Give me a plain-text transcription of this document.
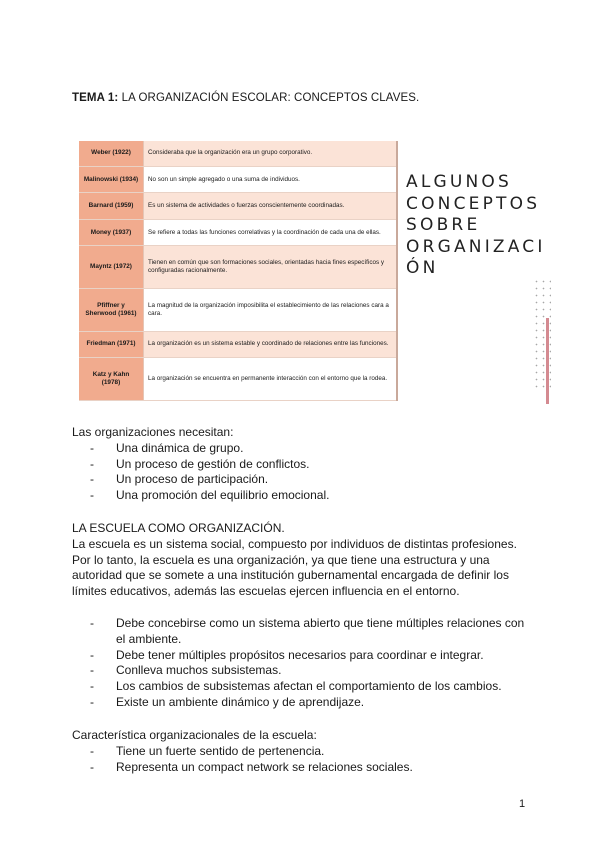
TEMA 1: LA ORGANIZACIÓN ESCOLAR: CONCEPTOS CLAVES.
Weber (1922)	Consideraba que la organización era un grupo corporativo.
Malinowski (1934)	No son un simple agregado o una suma de individuos.
Barnard (1959)	Es un sistema de actividades o fuerzas conscientemente coordinadas.
Money (1937)	Se refiere a todas las funciones correlativas y la coordinación de cada una de ellas.
Mayntz (1972)	Tienen en común que son formaciones sociales, orientadas hacia fines específicos y configuradas racionalmente.
Pfiffner y Sherwood (1961)	La magnitud de la organización imposibilita el establecimiento de las relaciones cara a cara.
Friedman (1971)	La organización es un sistema estable y coordinado de relaciones entre las funciones.
Katz y Kahn (1978)	La organización se encuentra en permanente interacción con el entorno que la rodea.
ALGUNOS
CONCEPTOS
SOBRE
ORGANIZACI
ÓN
Las organizaciones necesitan:
- Una dinámica de grupo.
- Un proceso de gestión de conflictos.
- Un proceso de participación.
- Una promoción del equilibrio emocional.
LA ESCUELA COMO ORGANIZACIÓN.
La escuela es un sistema social, compuesto por individuos de distintas profesiones. Por lo tanto, la escuela es una organización, ya que tiene una estructura y una autoridad que se somete a una institución gubernamental encargada de definir los límites educativos, además las escuelas ejercen influencia en el entorno.
- Debe concebirse como un sistema abierto que tiene múltiples relaciones con el ambiente.
- Debe tener múltiples propósitos necesarios para coordinar e integrar.
- Conlleva muchos subsistemas.
- Los cambios de subsistemas afectan el comportamiento de los cambios.
- Existe un ambiente dinámico y de aprendijaze.
Característica organizacionales de la escuela:
- Tiene un fuerte sentido de pertenencia.
- Representa un compact network se relaciones sociales.
1
